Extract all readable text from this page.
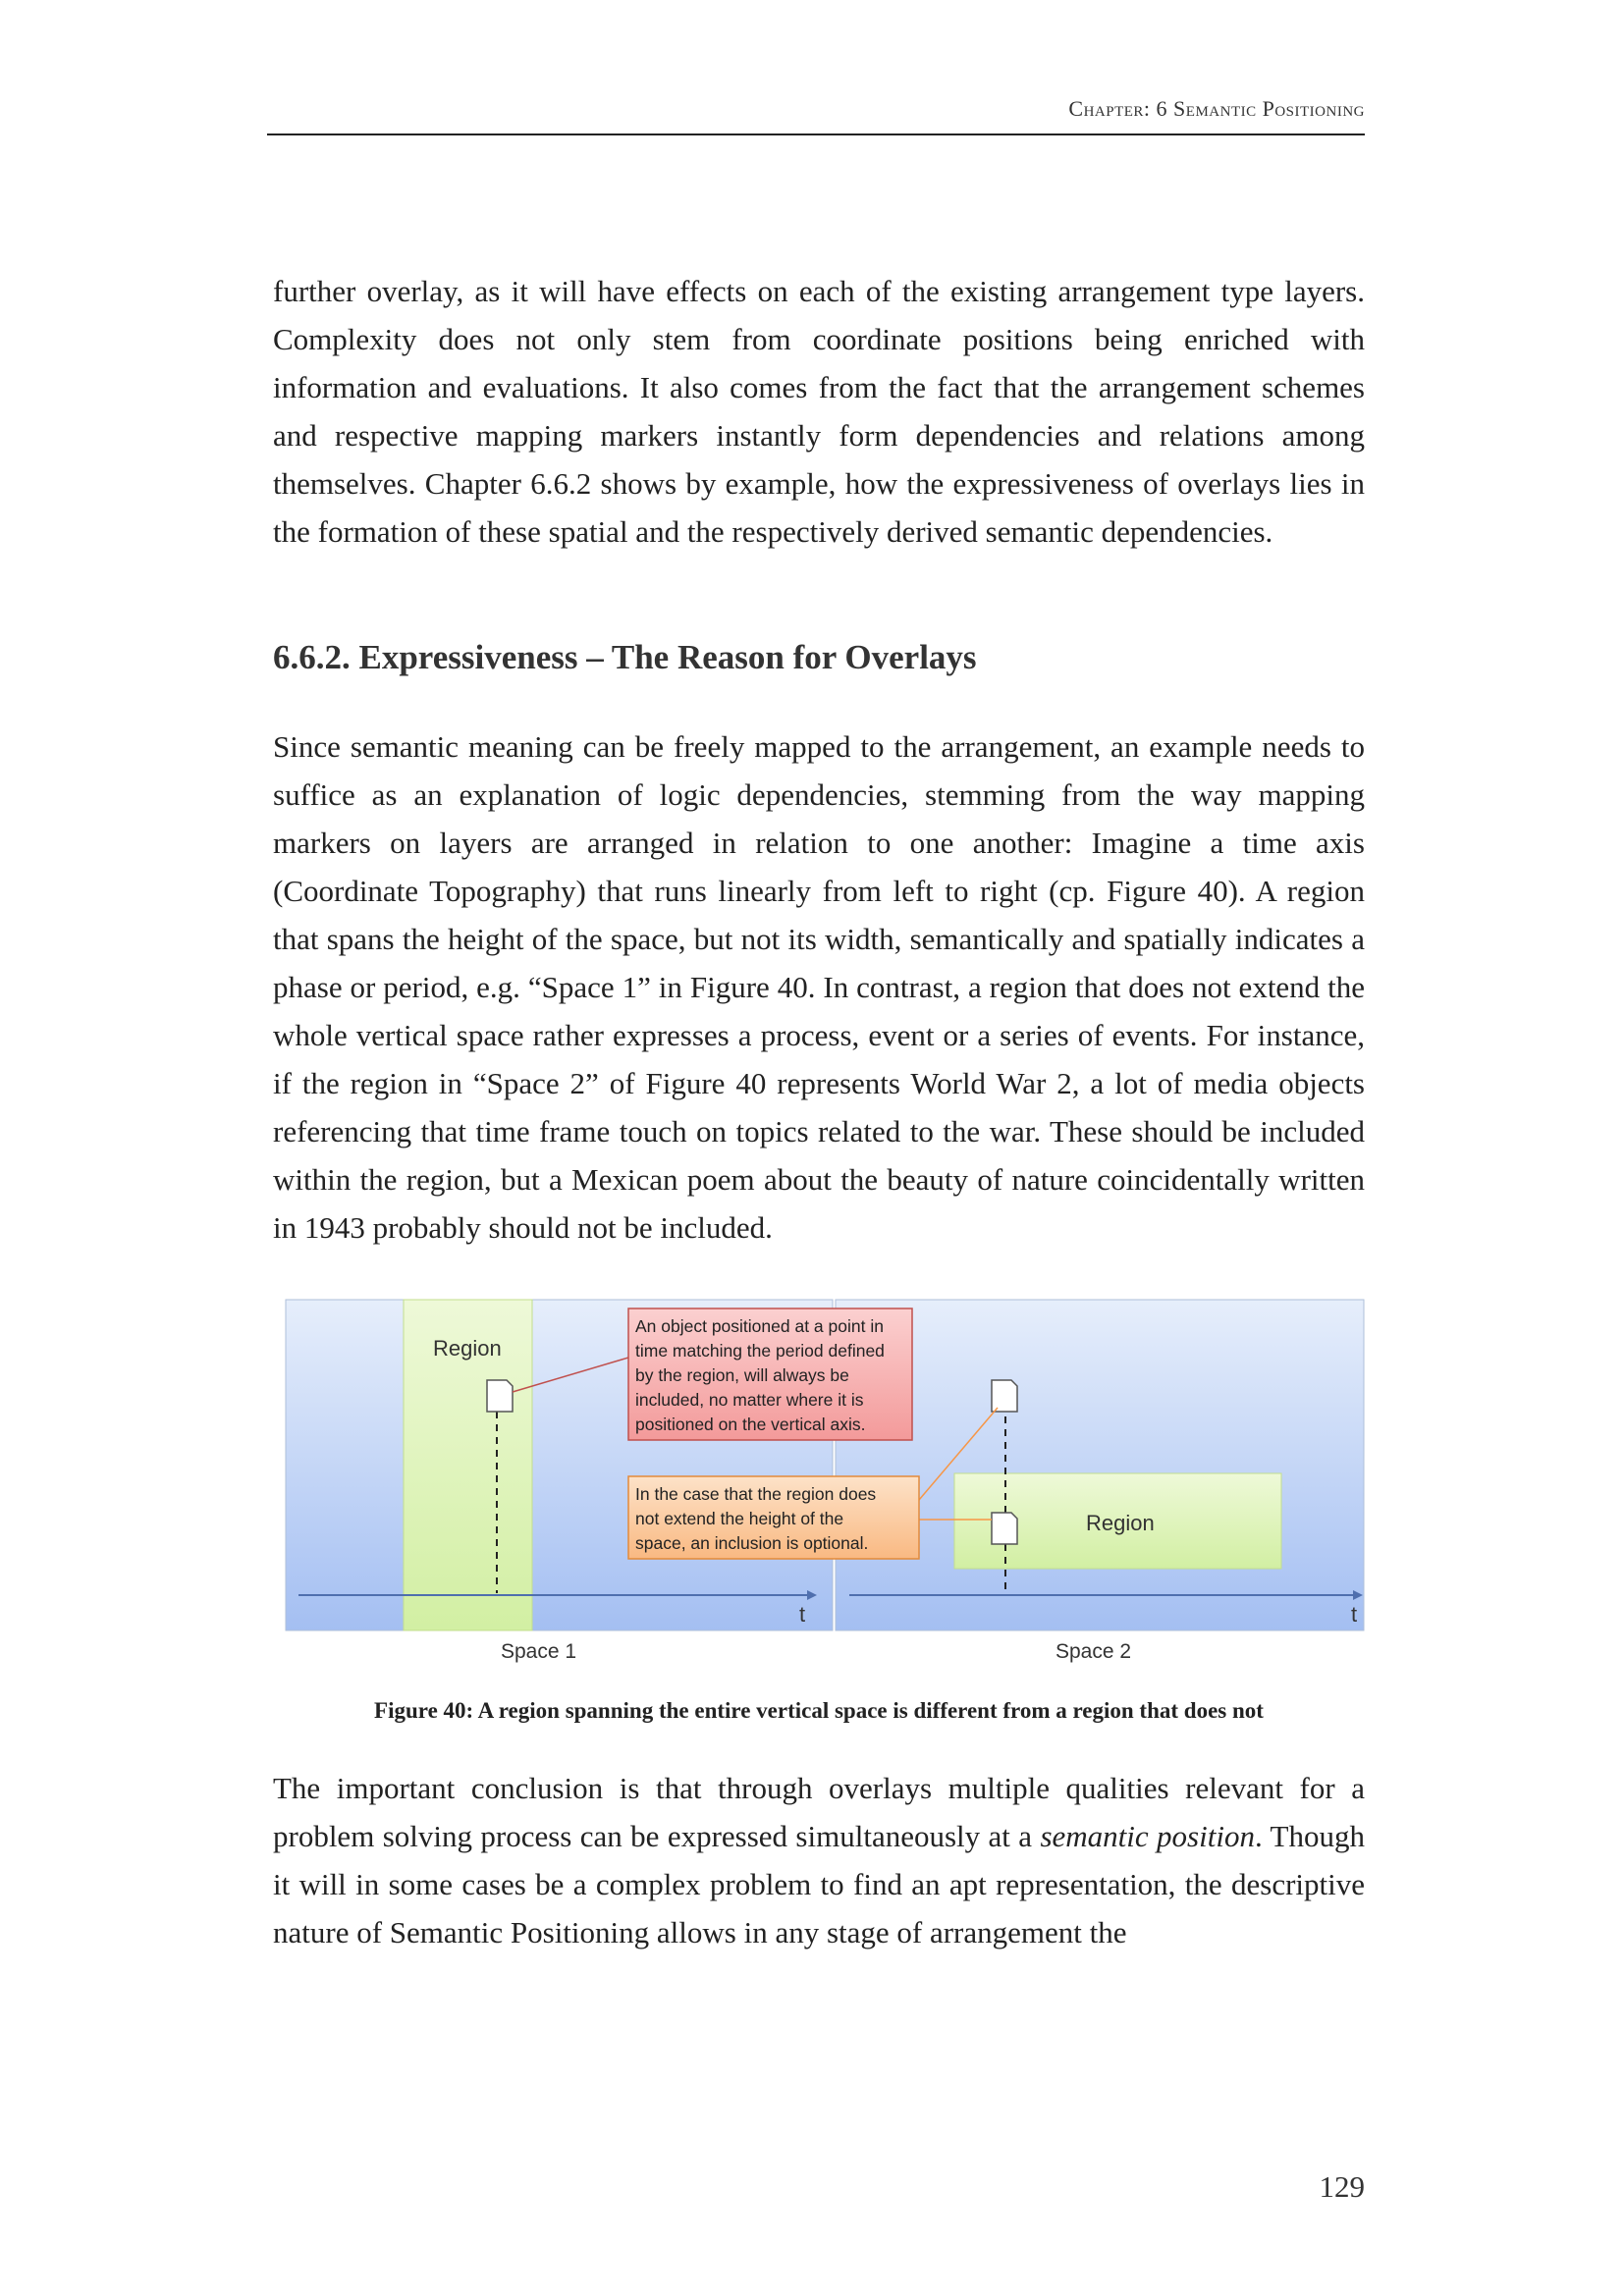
Chapter: 6 Semantic Positioning

further overlay, as it will have effects on each of the existing arrangement type layers. Complexity does not only stem from coordinate positions being enriched with information and evaluations. It also comes from the fact that the arrangement schemes and respective mapping markers instantly form dependencies and relations among themselves. Chapter 6.6.2 shows by example, how the expressiveness of overlays lies in the formation of these spatial and the respectively derived semantic dependencies.

6.6.2. Expressiveness – The Reason for Overlays

Since semantic meaning can be freely mapped to the arrangement, an example needs to suffice as an explanation of logic dependencies, stemming from the way mapping markers on layers are arranged in relation to one another: Imagine a time axis (Coordinate Topography) that runs linearly from left to right (cp. Figure 40). A region that spans the height of the space, but not its width, semantically and spatially indicates a phase or period, e.g. “Space 1” in Figure 40. In contrast, a region that does not extend the whole vertical space rather expresses a process, event or a series of events. For instance, if the region in “Space 2” of Figure 40 represents World War 2, a lot of media objects referencing that time frame touch on topics related to the war. These should be included within the region, but a Mexican poem about the beauty of nature coincidentally written in 1943 probably should not be included.

Region
t
Space 1
Region
t
Space 2
An object positioned at a point in time matching the period defined by the region, will always be included, no matter where it is positioned on the vertical axis.
In the case that the region does not extend the height of the space, an inclusion is optional.
Figure 40: A region spanning the entire vertical space is different from a region that does not

The important conclusion is that through overlays multiple qualities relevant for a problem solving process can be expressed simultaneously at a semantic position. Though it will in some cases be a complex problem to find an apt representation, the descriptive nature of Semantic Positioning allows in any stage of arrangement the

129
